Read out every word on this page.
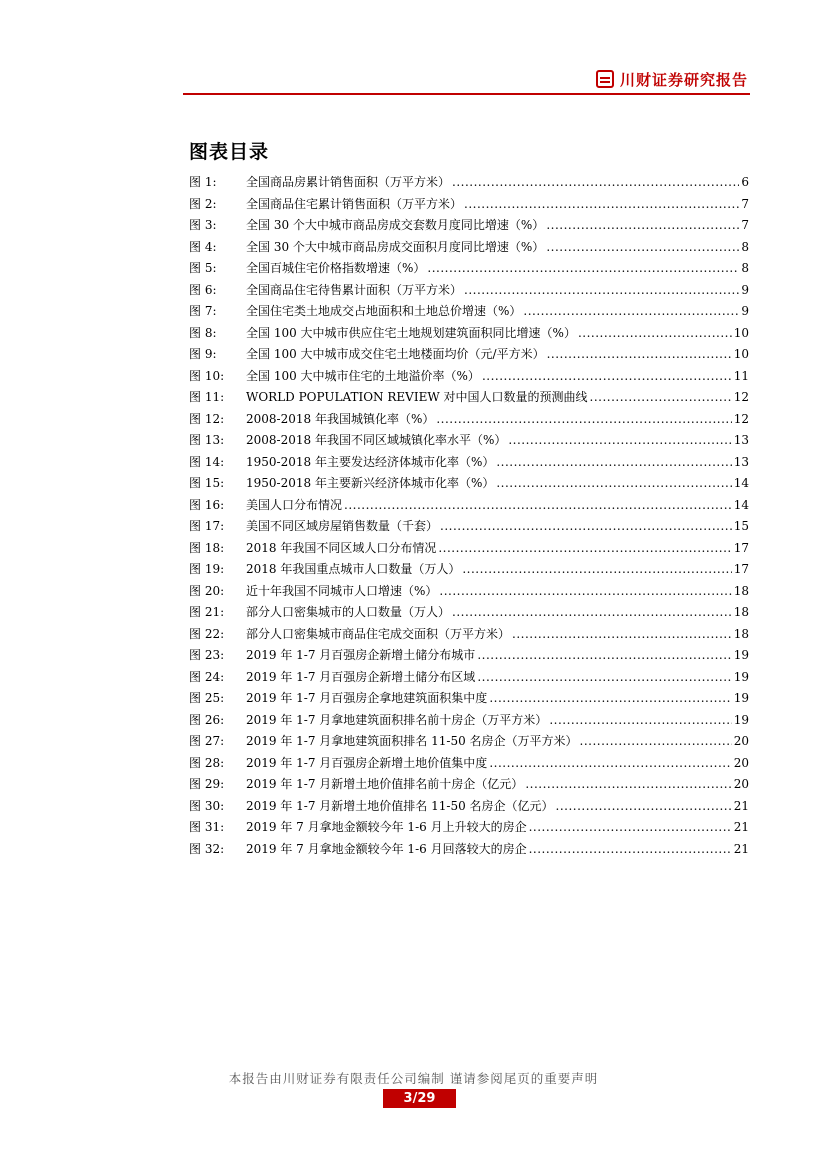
川财证券研究报告
图表目录
图 1:	全国商品房累计销售面积（万平方米） .....	6
图 2:	全国商品住宅累计销售面积（万平方米） .....	7
图 3:	全国 30 个大中城市商品房成交套数月度同比增速（%） .....	7
图 4:	全国 30 个大中城市商品房成交面积月度同比增速（%） .....	8
图 5:	全国百城住宅价格指数增速（%） .....	8
图 6:	全国商品住宅待售累计面积（万平方米） .....	9
图 7:	全国住宅类土地成交占地面积和土地总价增速（%） .....	9
图 8:	全国 100 大中城市供应住宅土地规划建筑面积同比增速（%） .....	10
图 9:	全国 100 大中城市成交住宅土地楼面均价（元/平方米） .....	10
图 10:	全国 100 大中城市住宅的土地溢价率（%） .....	11
图 11:	WORLD POPULATION REVIEW 对中国人口数量的预测曲线 .....	12
图 12:	2008-2018 年我国城镇化率（%） .....	12
图 13:	2008-2018 年我国不同区域城镇化率水平（%） .....	13
图 14:	1950-2018 年主要发达经济体城市化率（%） .....	13
图 15:	1950-2018 年主要新兴经济体城市化率（%） .....	14
图 16:	美国人口分布情况 .....	14
图 17:	美国不同区域房屋销售数量（千套） .....	15
图 18:	2018 年我国不同区域人口分布情况 .....	17
图 19:	2018 年我国重点城市人口数量（万人） .....	17
图 20:	近十年我国不同城市人口增速（%） .....	18
图 21:	部分人口密集城市的人口数量（万人） .....	18
图 22:	部分人口密集城市商品住宅成交面积（万平方米） .....	18
图 23:	2019 年 1-7 月百强房企新增土储分布城市 .....	19
图 24:	2019 年 1-7 月百强房企新增土储分布区域 .....	19
图 25:	2019 年 1-7 月百强房企拿地建筑面积集中度 .....	19
图 26:	2019 年 1-7 月拿地建筑面积排名前十房企（万平方米） .....	19
图 27:	2019 年 1-7 月拿地建筑面积排名 11-50 名房企（万平方米） .....	20
图 28:	2019 年 1-7 月百强房企新增土地价值集中度 .....	20
图 29:	2019 年 1-7 月新增土地价值排名前十房企（亿元） .....	20
图 30:	2019 年 1-7 月新增土地价值排名 11-50 名房企（亿元） .....	21
图 31:	2019 年 7 月拿地金额较今年 1-6 月上升较大的房企 .....	21
图 32:	2019 年 7 月拿地金额较今年 1-6 月回落较大的房企 .....	21
本报告由川财证券有限责任公司编制 谨请参阅尾页的重要声明
3/29
